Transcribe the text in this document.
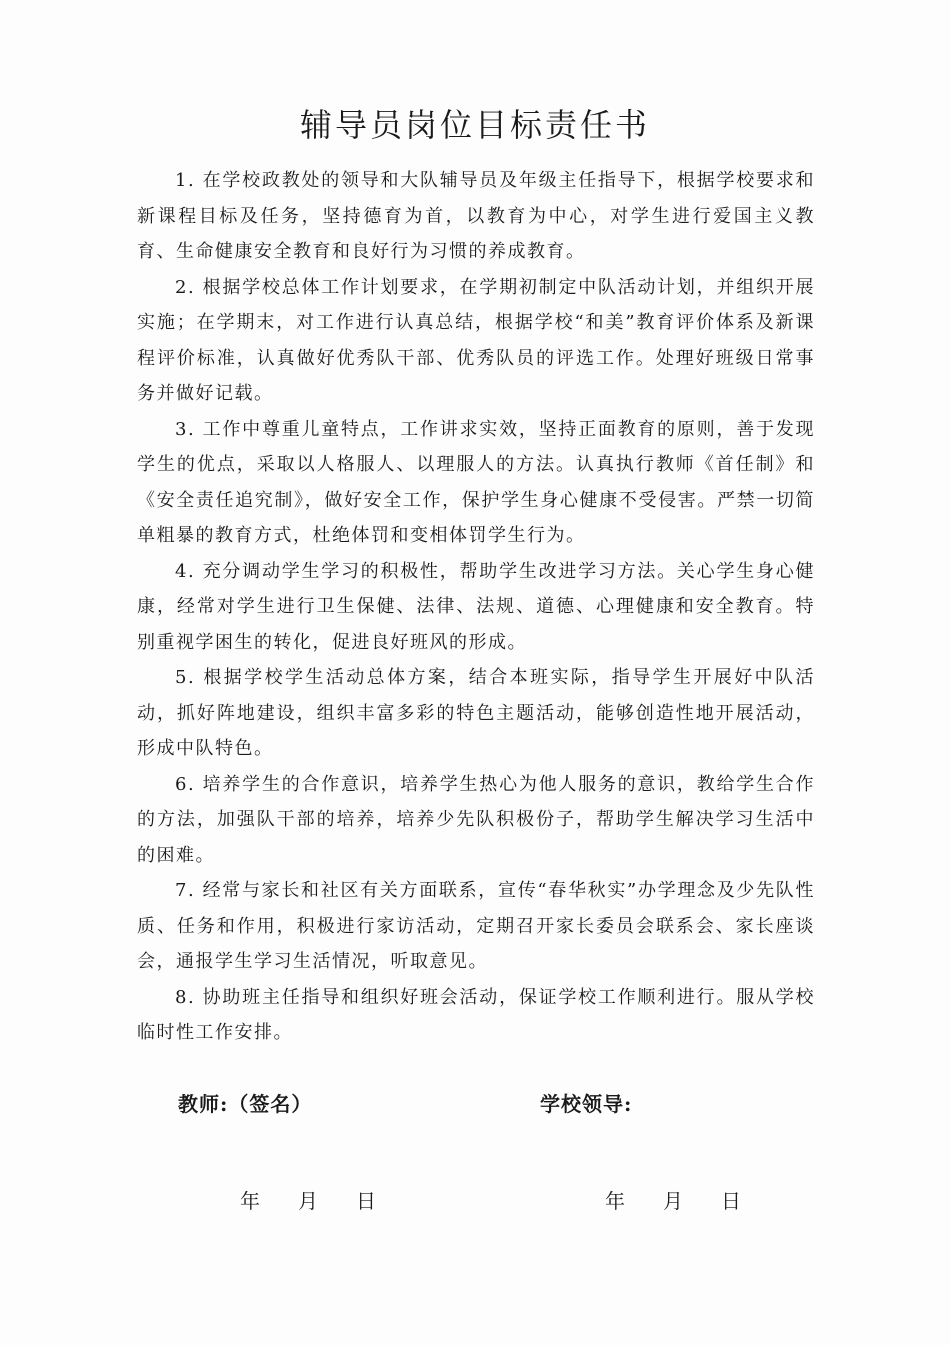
辅导员岗位目标责任书

1. 在学校政教处的领导和大队辅导员及年级主任指导下，根据学校要求和新课程目标及任务，坚持德育为首，以教育为中心，对学生进行爱国主义教育、生命健康安全教育和良好行为习惯的养成教育。

2. 根据学校总体工作计划要求，在学期初制定中队活动计划，并组织开展实施；在学期末，对工作进行认真总结，根据学校“和美”教育评价体系及新课程评价标准，认真做好优秀队干部、优秀队员的评选工作。处理好班级日常事务并做好记载。

3. 工作中尊重儿童特点，工作讲求实效，坚持正面教育的原则，善于发现学生的优点，采取以人格服人、以理服人的方法。认真执行教师《首任制》和《安全责任追究制》，做好安全工作，保护学生身心健康不受侵害。严禁一切简单粗暴的教育方式，杜绝体罚和变相体罚学生行为。

4. 充分调动学生学习的积极性，帮助学生改进学习方法。关心学生身心健康，经常对学生进行卫生保健、法律、法规、道德、心理健康和安全教育。特别重视学困生的转化，促进良好班风的形成。

5. 根据学校学生活动总体方案，结合本班实际，指导学生开展好中队活动，抓好阵地建设，组织丰富多彩的特色主题活动，能够创造性地开展活动，形成中队特色。

6. 培养学生的合作意识，培养学生热心为他人服务的意识，教给学生合作的方法，加强队干部的培养，培养少先队积极份子，帮助学生解决学习生活中的困难。

7. 经常与家长和社区有关方面联系，宣传“春华秋实”办学理念及少先队性质、任务和作用，积极进行家访活动，定期召开家长委员会联系会、家长座谈会，通报学生学习生活情况，听取意见。

8. 协助班主任指导和组织好班会活动，保证学校工作顺利进行。服从学校临时性工作安排。

教师:（签名）	学校领导:
年 月 日	年 月 日
